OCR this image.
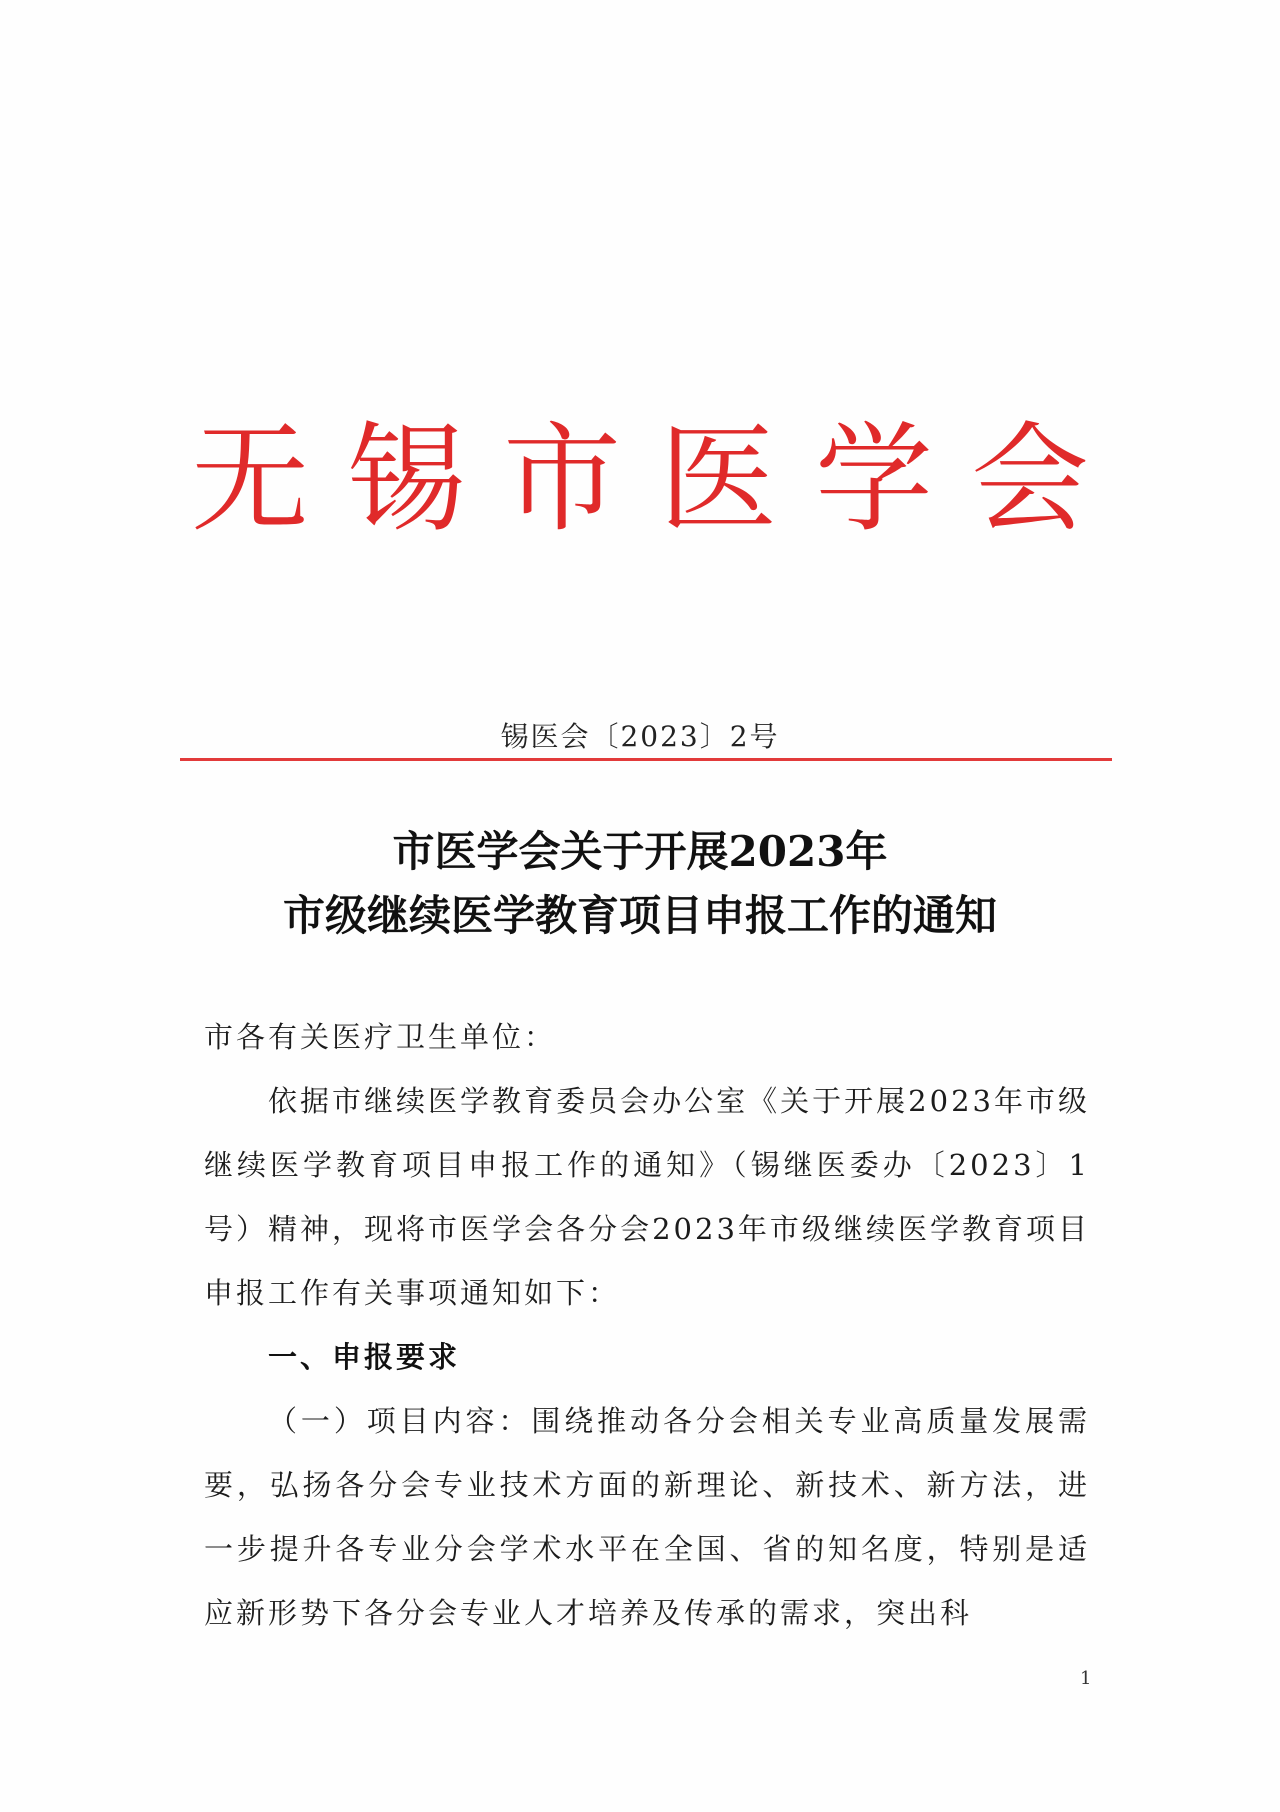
无锡市医学会
锡医会〔2023〕2号
市医学会关于开展2023年
市级继续医学教育项目申报工作的通知

市各有关医疗卫生单位：

依据市继续医学教育委员会办公室《关于开展2023年市级继续医学教育项目申报工作的通知》（锡继医委办〔2023〕1号）精神，现将市医学会各分会2023年市级继续医学教育项目申报工作有关事项通知如下：

一、申报要求

（一）项目内容：围绕推动各分会相关专业高质量发展需要，弘扬各分会专业技术方面的新理论、新技术、新方法，进一步提升各专业分会学术水平在全国、省的知名度，特别是适应新形势下各分会专业人才培养及传承的需求，突出科

1
